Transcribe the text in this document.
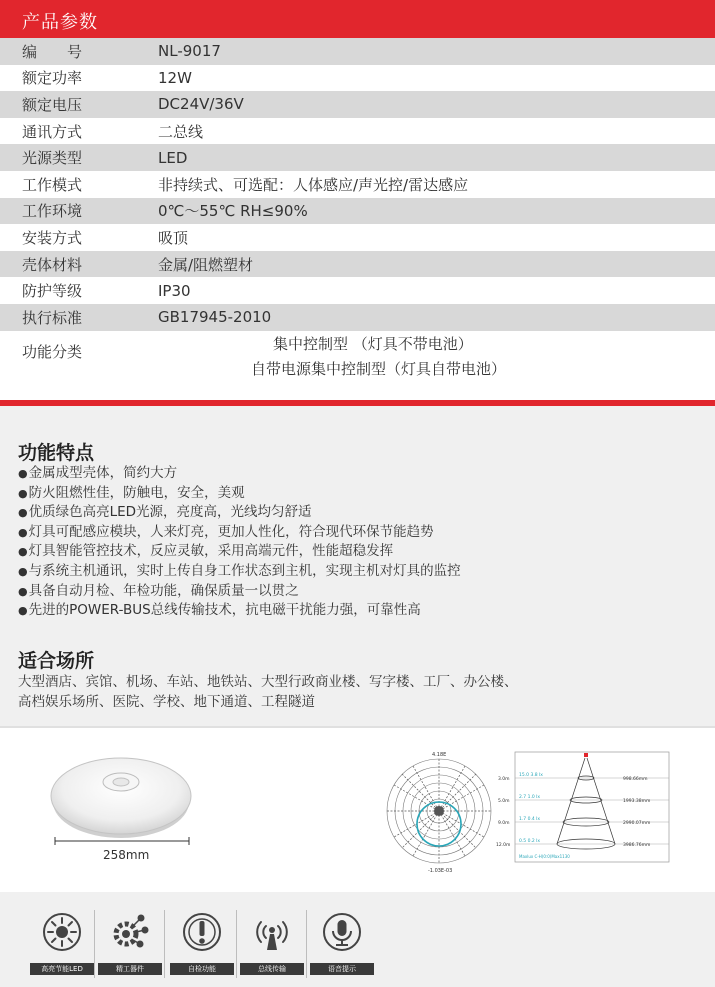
产品参数
编　　号	NL-9017
额定功率	12W
额定电压	DC24V/36V
通讯方式	二总线
光源类型	LED
工作模式	非持续式、可选配：人体感应/声光控/雷达感应
工作环境	0℃～55℃ RH≤90%
安装方式	吸顶
壳体材料	金属/阻燃塑材
防护等级	IP30
执行标准	GB17945-2010
功能分类	集中控制型 （灯具不带电池）
自带电源集中控制型（灯具自带电池）
功能特点
● 金属成型壳体，简约大方
● 防火阻燃性佳，防触电，安全，美观
● 优质绿色高亮LED光源，亮度高，光线均匀舒适
● 灯具可配感应模块，人来灯亮，更加人性化，符合现代环保节能趋势
● 灯具智能管控技术，反应灵敏，采用高端元件，性能超稳发挥
● 与系统主机通讯，实时上传自身工作状态到主机，实现主机对灯具的监控
● 具备自动月检、年检功能，确保质量一以贯之
● 先进的POWER-BUS总线传输技术，抗电磁干扰能力强，可靠性高
适合场所
大型酒店、宾馆、机场、车站、地铁站、大型行政商业楼、写字楼、工厂、办公楼、
高档娱乐场所、医院、学校、地下通道、工程隧道
258mm
4.18E
-1.03E-03
3.0m
15.0 3.8 lx
998.66mm
5.0m
2.7 1.0 lx
1993.38mm
9.0m
1.7 0.4 lx
2990.07mm
12.0m
0.5 0.2 lx
3986.76mm
Maxlux C-H(0:0)Max1130
高亮节能LED	精工器件	自检功能	总线传输	语音提示
